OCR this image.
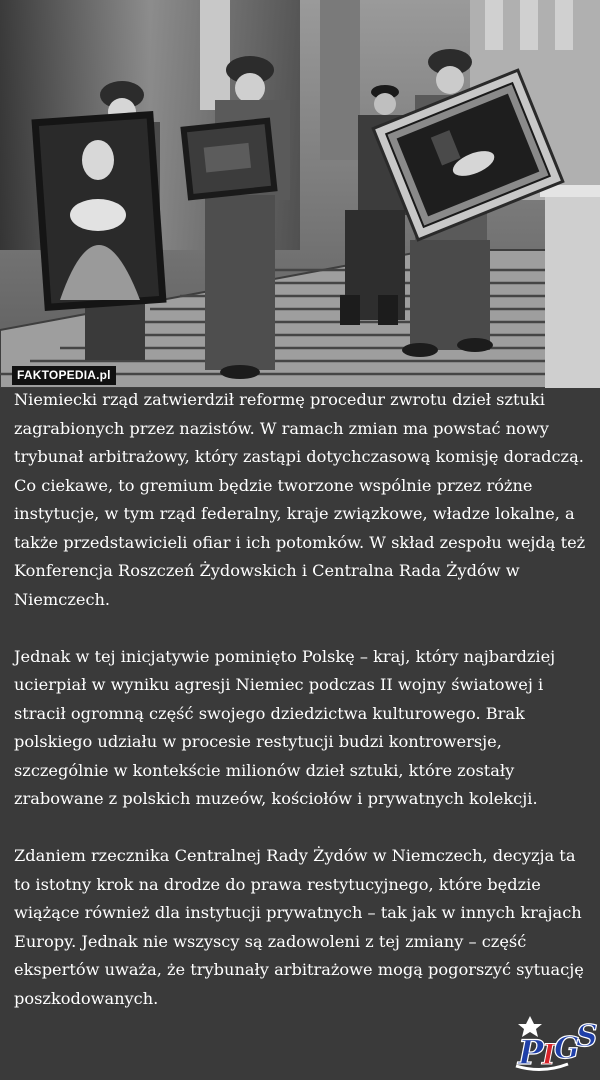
FAKTOPEDIA.pl

Niemiecki rząd zatwierdził reformę procedur zwrotu dzieł sztuki zagrabionych przez nazistów. W ramach zmian ma powstać nowy trybunał arbitrażowy, który zastąpi dotychczasową komisję doradczą. Co ciekawe, to gremium będzie tworzone wspólnie przez różne instytucje, w tym rząd federalny, kraje związkowe, władze lokalne, a także przedstawicieli ofiar i ich potomków. W skład zespołu wejdą też Konferencja Roszczeń Żydowskich i Centralna Rada Żydów w Niemczech.

Jednak w tej inicjatywie pominięto Polskę – kraj, który najbardziej ucierpiał w wyniku agresji Niemiec podczas II wojny światowej i stracił ogromną część swojego dziedzictwa kulturowego. Brak polskiego udziału w procesie restytucji budzi kontrowersje, szczególnie w kontekście milionów dzieł sztuki, które zostały zrabowane z polskich muzeów, kościołów i prywatnych kolekcji.

Zdaniem rzecznika Centralnej Rady Żydów w Niemczech, decyzja ta to istotny krok na drodze do prawa restytucyjnego, które będzie wiążące również dla instytucji prywatnych – tak jak w innych krajach Europy. Jednak nie wszyscy są zadowoleni z tej zmiany – część ekspertów uważa, że trybunały arbitrażowe mogą pogorszyć sytuację poszkodowanych.

P
I
G
S
